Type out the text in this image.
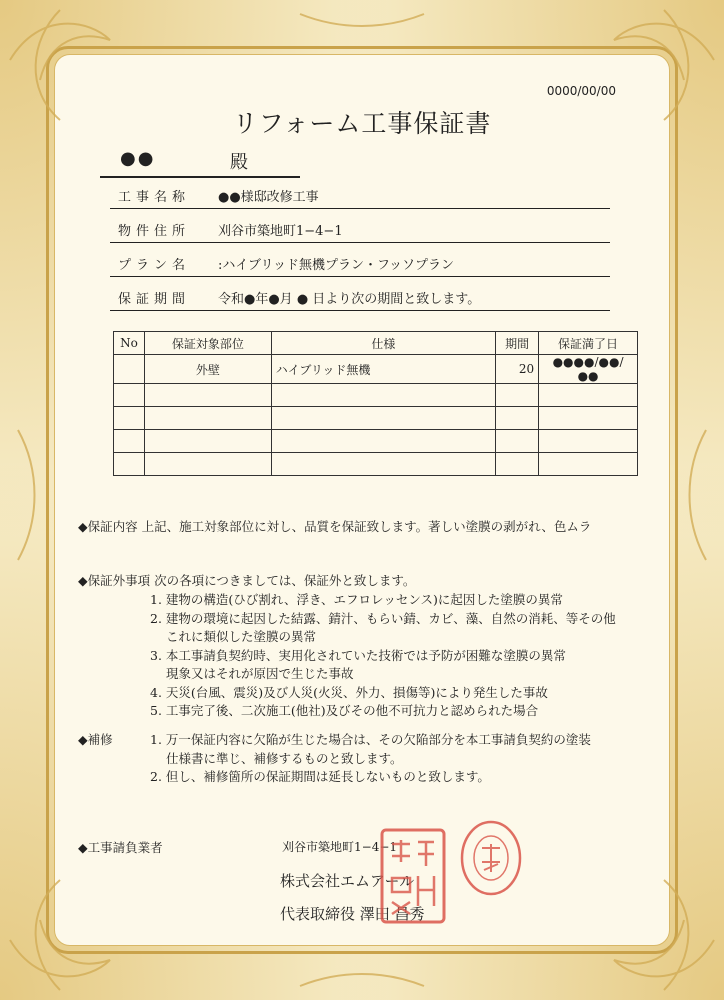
0000/00/00
リフォーム工事保証書
●●	殿
工事名称 ●●様邸改修工事
物件住所 刈谷市築地町1−4−1
プラン名 :ハイブリッド無機プラン・フッソプラン
保証期間 令和●年●月 ● 日より次の期間と致します。
No	保証対象部位	仕様	期間	保証満了日
	外壁	ハイブリッド無機	20	●●●●/●●/●●

◆保証内容 上記、施工対象部位に対し、品質を保証致します。著しい塗膜の剥がれ、色ムラ
◆保証外事項 次の各項につきましては、保証外と致します。
1. 建物の構造(ひび割れ、浮き、エフロレッセンス)に起因した塗膜の異常
2. 建物の環境に起因した結露、錆汁、もらい錆、カビ、藻、自然の消耗、等その他
これに類似した塗膜の異常
3. 本工事請負契約時、実用化されていた技術では予防が困難な塗膜の異常
現象又はそれが原因で生じた事故
4. 天災(台風、震災)及び人災(火災、外力、損傷等)により発生した事故
5. 工事完了後、二次施工(他社)及びその他不可抗力と認められた場合
◆補修	1. 万一保証内容に欠陥が生じた場合は、その欠陥部分を本工事請負契約の塗装
仕様書に準じ、補修するものと致します。
2. 但し、補修箇所の保証期間は延長しないものと致します。
◆工事請負業者	刈谷市築地町1−4−1
株式会社エムアール
代表取締役 澤田 昌秀
